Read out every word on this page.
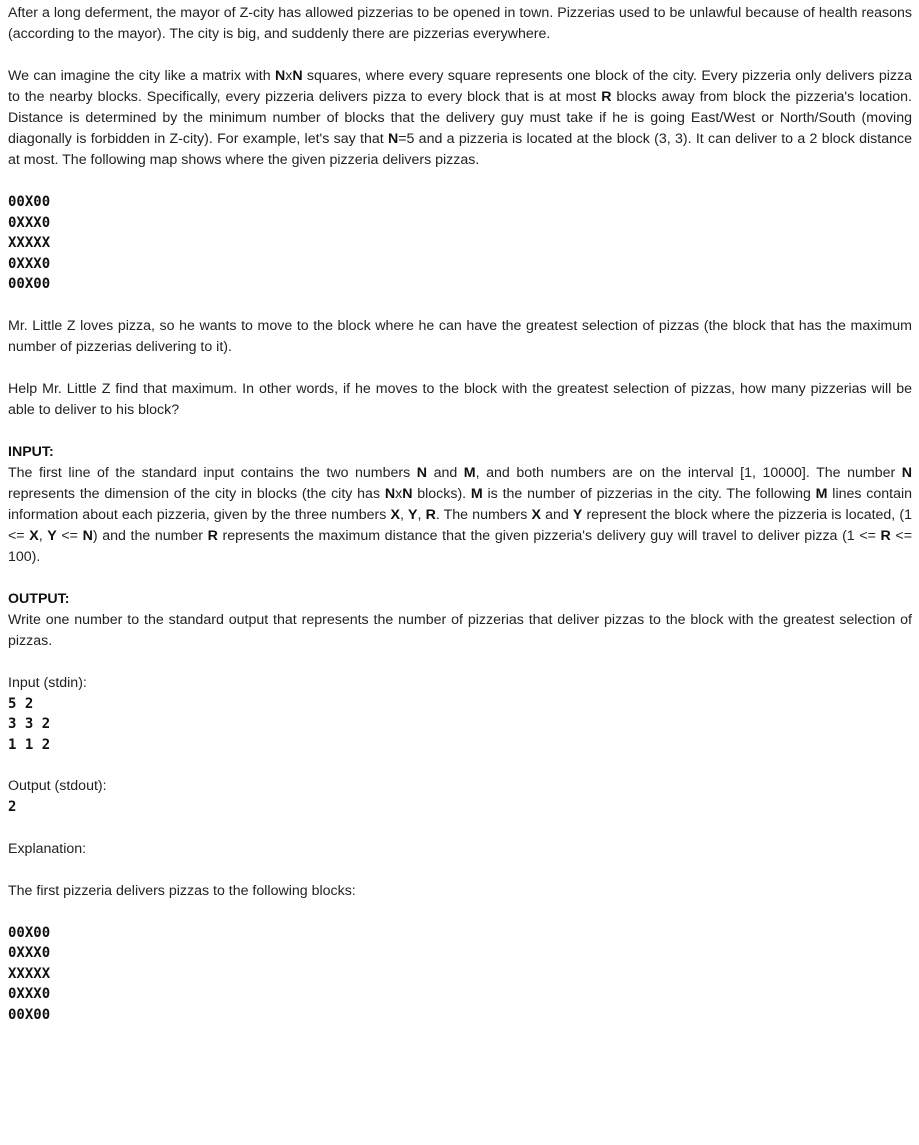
After a long deferment, the mayor of Z-city has allowed pizzerias to be opened in town. Pizzerias used to be unlawful because of health reasons (according to the mayor). The city is big, and suddenly there are pizzerias everywhere.

We can imagine the city like a matrix with NxN squares, where every square represents one block of the city. Every pizzeria only delivers pizza to the nearby blocks. Specifically, every pizzeria delivers pizza to every block that is at most R blocks away from block the pizzeria's location. Distance is determined by the minimum number of blocks that the delivery guy must take if he is going East/West or North/South (moving diagonally is forbidden in Z-city). For example, let's say that N=5 and a pizzeria is located at the block (3, 3). It can deliver to a 2 block distance at most. The following map shows where the given pizzeria delivers pizzas.

00X00
0XXX0
XXXXX
0XXX0
00X00

Mr. Little Z loves pizza, so he wants to move to the block where he can have the greatest selection of pizzas (the block that has the maximum number of pizzerias delivering to it).

Help Mr. Little Z find that maximum. In other words, if he moves to the block with the greatest selection of pizzas, how many pizzerias will be able to deliver to his block?

INPUT:

The first line of the standard input contains the two numbers N and M, and both numbers are on the interval [1, 10000]. The number N represents the dimension of the city in blocks (the city has NxN blocks). M is the number of pizzerias in the city. The following M lines contain information about each pizzeria, given by the three numbers X, Y, R. The numbers X and Y represent the block where the pizzeria is located, (1 <= X, Y <= N) and the number R represents the maximum distance that the given pizzeria's delivery guy will travel to deliver pizza (1 <= R <= 100).

OUTPUT:

Write one number to the standard output that represents the number of pizzerias that deliver pizzas to the block with the greatest selection of pizzas.

Input (stdin):
5 2
3 3 2
1 1 2
Output (stdout):
2
Explanation:

The first pizzeria delivers pizzas to the following blocks:

00X00
0XXX0
XXXXX
0XXX0
00X00
